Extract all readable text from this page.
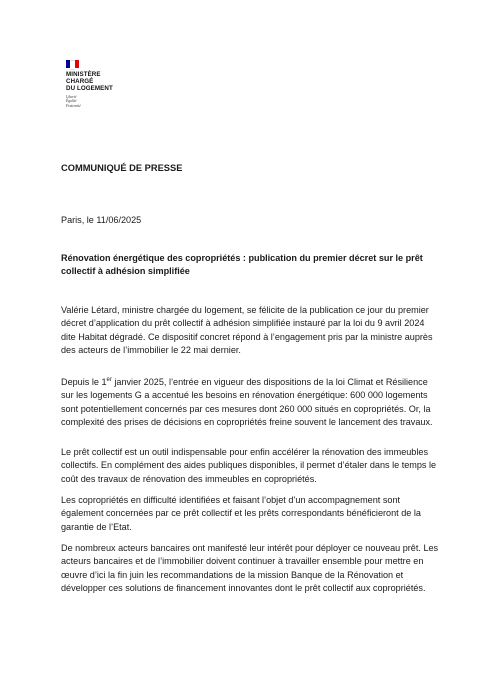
MINISTÈRE
CHARGÉ
DU LOGEMENT
Liberté
Égalité
Fraternité
COMMUNIQUÉ DE PRESSE
Paris, le 11/06/2025
Rénovation énergétique des copropriétés : publication du premier décret sur le prêt collectif à adhésion simplifiée
Valérie Létard, ministre chargée du logement, se félicite de la publication ce jour du premier décret d’application du prêt collectif à adhésion simplifiée instauré par la loi du 9 avril 2024 dite Habitat dégradé. Ce dispositif concret répond à l’engagement pris par la ministre auprès des acteurs de l’immobilier le 22 mai dernier.
Depuis le 1er janvier 2025, l’entrée en vigueur des dispositions de la loi Climat et Résilience sur les logements G a accentué les besoins en rénovation énergétique: 600 000 logements sont potentiellement concernés par ces mesures dont 260 000 situés en copropriétés. Or, la complexité des prises de décisions en copropriétés freine souvent le lancement des travaux.
Le prêt collectif est un outil indispensable pour enfin accélérer la rénovation des immeubles collectifs. En complément des aides publiques disponibles, il permet d’étaler dans le temps le coût des travaux de rénovation des immeubles en copropriétés.
Les copropriétés en difficulté identifiées et faisant l’objet d’un accompagnement sont également concernées par ce prêt collectif et les prêts correspondants bénéficieront de la garantie de l’Etat.
De nombreux acteurs bancaires ont manifesté leur intérêt pour déployer ce nouveau prêt. Les acteurs bancaires et de l’immobilier doivent continuer à travailler ensemble pour mettre en œuvre d’ici la fin juin les recommandations de la mission Banque de la Rénovation et développer ces solutions de financement innovantes dont le prêt collectif aux copropriétés.
